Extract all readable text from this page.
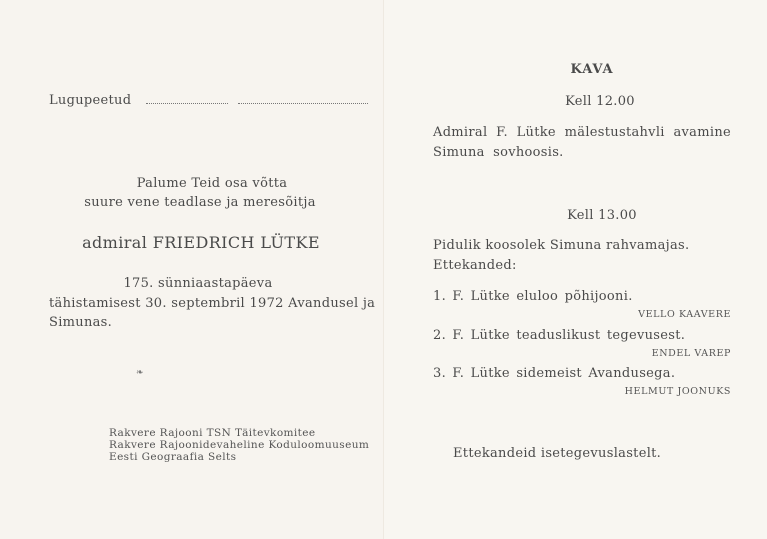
Lugupeetud
Palume Teid osa võtta
suure vene teadlase ja meresõitja
admiral FRIEDRICH LÜTKE
175. sünniaastapäeva
tähistamisest 30. septembril 1972 Avandusel ja
Simunas.
❧
Rakvere Rajooni TSN Täitevkomitee
Rakvere Rajoonidevaheline Koduloomuuseum
Eesti Geograafia Selts
KAVA
Kell 12.00
Admiral F. Lütke mälestustahvli avamine
Simuna sovhoosis.
Kell 13.00
Pidulik koosolek Simuna rahvamajas.
Ettekanded:
1. F. Lütke eluloo põhijooni.
VELLO KAAVERE
2. F. Lütke teaduslikust tegevusest.
ENDEL VAREP
3. F. Lütke sidemeist Avandusega.
HELMUT JOONUKS
Ettekandeid isetegevuslastelt.
